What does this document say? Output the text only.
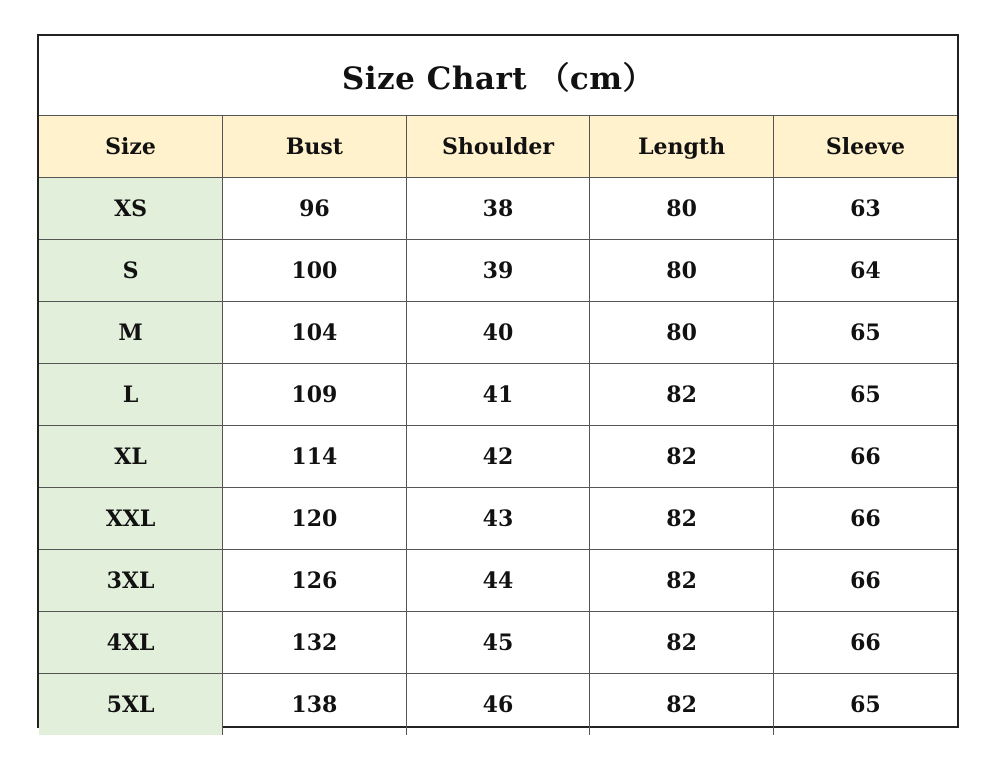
Size Chart （cm）
Size	Bust	Shoulder	Length	Sleeve
XS	96	38	80	63
S	100	39	80	64
M	104	40	80	65
L	109	41	82	65
XL	114	42	82	66
XXL	120	43	82	66
3XL	126	44	82	66
4XL	132	45	82	66
5XL	138	46	82	65
